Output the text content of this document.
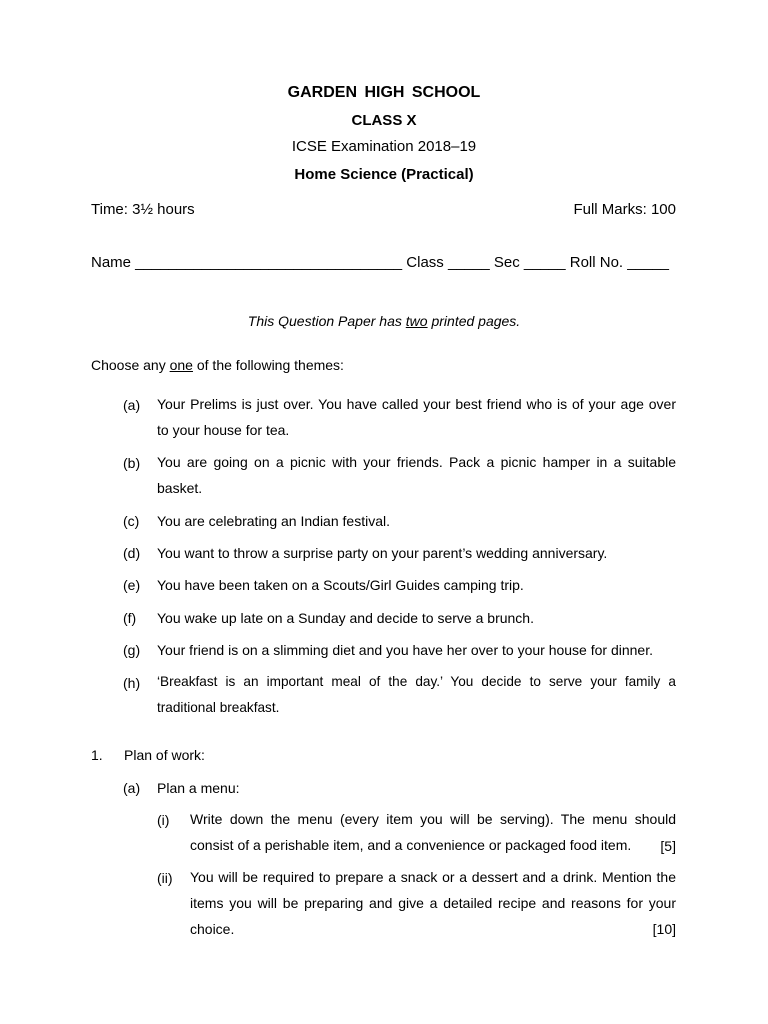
GARDEN HIGH SCHOOL
CLASS X
ICSE Examination 2018–19
Home Science (Practical)
Time: 3½ hours	Full Marks: 100
Name ________________________________ Class _____ Sec _____ Roll No. _____
This Question Paper has two printed pages.
Choose any one of the following themes:
(a) Your Prelims is just over. You have called your best friend who is of your age over to your house for tea.
(b) You are going on a picnic with your friends. Pack a picnic hamper in a suitable basket.
(c) You are celebrating an Indian festival.
(d) You want to throw a surprise party on your parent’s wedding anniversary.
(e) You have been taken on a Scouts/Girl Guides camping trip.
(f) You wake up late on a Sunday and decide to serve a brunch.
(g) Your friend is on a slimming diet and you have her over to your house for dinner.
(h) ‘Breakfast is an important meal of the day.’ You decide to serve your family a traditional breakfast.
1. Plan of work:
(a) Plan a menu:
(i) Write down the menu (every item you will be serving). The menu should consist of a perishable item, and a convenience or packaged food item.	[5]
(ii) You will be required to prepare a snack or a dessert and a drink. Mention the items you will be preparing and give a detailed recipe and reasons for your choice.	[10]
